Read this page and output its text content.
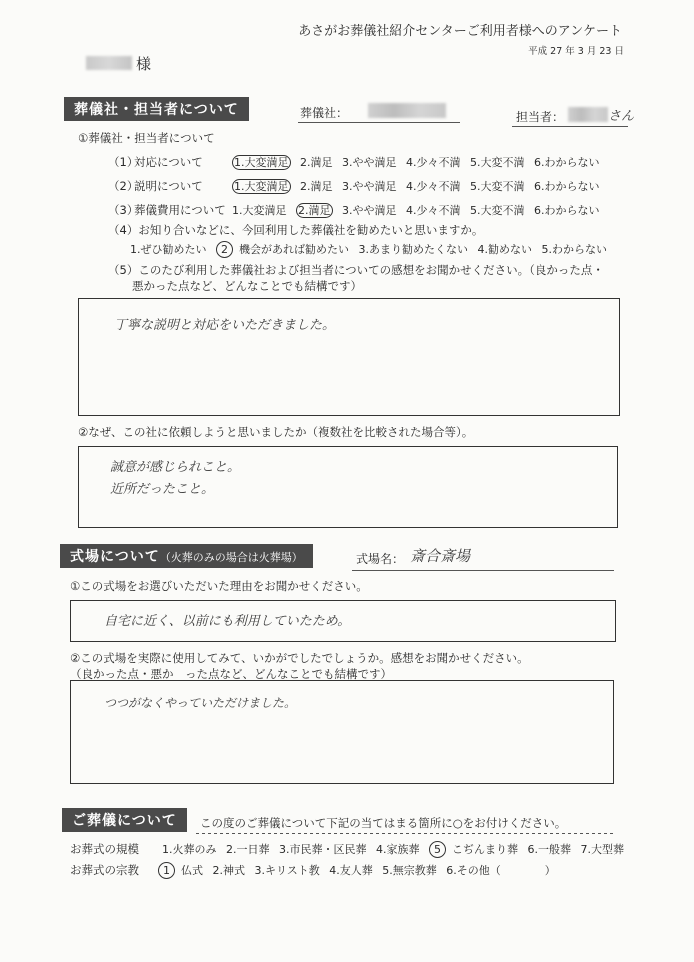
あさがお葬儀社紹介センターご利用者様へのアンケート
平成 27 年 3 月 23 日
様
葬儀社・担当者について	葬儀社：	担当者：	さん
①葬儀社・担当者について
（1）
対応について	1.大変満足 2.満足 3.やや満足 4.少々不満 5.大変不満 6.わからない
（2）
説明について	1.大変満足 2.満足 3.やや満足 4.少々不満 5.大変不満 6.わからない
（3）
葬儀費用について 1.大変満足 2.満足 3.やや満足 4.少々不満 5.大変不満 6.わからない
（4）お知り合いなどに、今回利用した葬儀社を勧めたいと思いますか。
1.ぜひ勧めたい 2 機会があれば勧めたい 3.あまり勧めたくない 4.勧めない 5.わからない
（5）このたび利用した葬儀社および担当者についての感想をお聞かせください。（良かった点・
悪かった点など、どんなことでも結構です）
丁寧な説明と対応をいただきました。
②なぜ、この社に依頼しようと思いましたか（複数社を比較された場合等）。
誠意が感じられこと。
近所だったこと。
式場について（火葬のみの場合は火葬場）	式場名： 斎合斎場
①この式場をお選びいただいた理由をお聞かせください。
自宅に近く、以前にも利用していたため。
②この式場を実際に使用してみて、いかがでしたでしょうか。感想をお聞かせください。
（良かった点・悪か　った点など、どんなことでも結構です）
つつがなくやっていただけました。
ご葬儀について	この度のご葬儀について下記の当てはまる箇所に○をお付けください。
お葬式の規模 1.火葬のみ 2.一日葬 3.市民葬・区民葬 4.家族葬 5 こぢんまり葬 6.一般葬 7.大型葬
お葬式の宗教	1 仏式 2.神式 3.キリスト教 4.友人葬 5.無宗教葬 6.その他（　　　　）
